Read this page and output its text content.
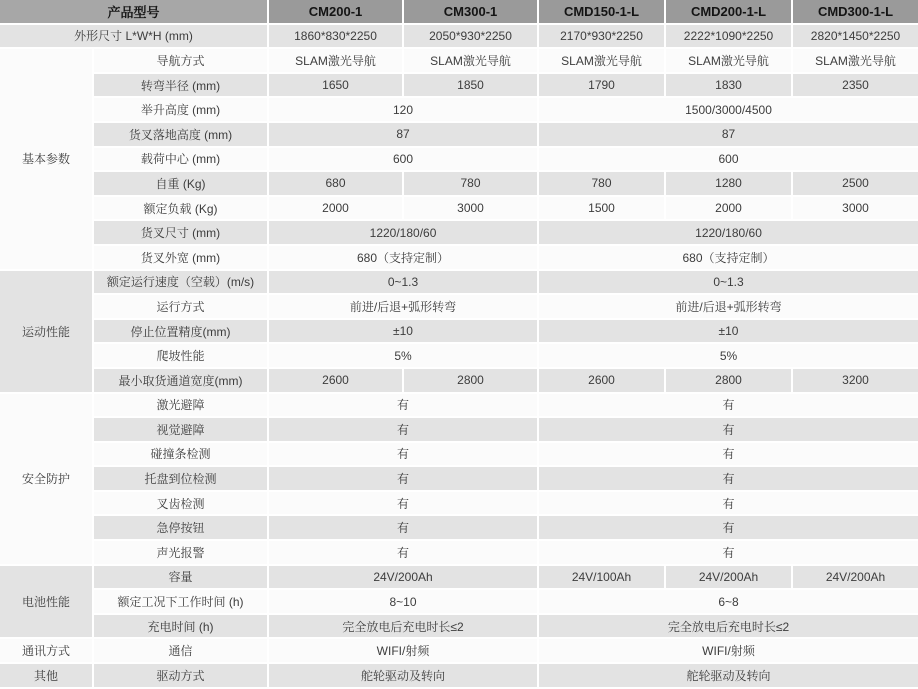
产品型号		CM200-1	CM300-1	CMD150-1-L	CMD200-1-L	CMD300-1-L
外形尺寸 L*W*H (mm)		1860*830*2250	2050*930*2250	2170*930*2250	2222*1090*2250	2820*1450*2250
基本参数	导航方式	SLAM激光导航	SLAM激光导航	SLAM激光导航	SLAM激光导航	SLAM激光导航
	转弯半径 (mm)	1650	1850	1790	1830	2350
	举升高度 (mm)	120		1500/3000/4500		
	货叉落地高度 (mm)	87		87		
	载荷中心 (mm)	600		600		
	自重 (Kg)	680	780	780	1280	2500
	额定负载 (Kg)	2000	3000	1500	2000	3000
	货叉尺寸 (mm)	1220/180/60		1220/180/60		
	货叉外宽 (mm)	680（支持定制）		680（支持定制）		
运动性能	额定运行速度（空载）(m/s)	0~1.3		0~1.3		
	运行方式	前进/后退+弧形转弯		前进/后退+弧形转弯		
	停止位置精度(mm)	±10		±10		
	爬坡性能	5%		5%		
	最小取货通道宽度(mm)	2600	2800	2600	2800	3200
安全防护	激光避障	有		有		
	视觉避障	有		有		
	碰撞条检测	有		有		
	托盘到位检测	有		有		
	叉齿检测	有		有		
	急停按钮	有		有		
	声光报警	有		有		
电池性能	容量	24V/200Ah		24V/100Ah	24V/200Ah	24V/200Ah
	额定工况下工作时间 (h)	8~10		6~8		
	充电时间 (h)	完全放电后充电时长≤2		完全放电后充电时长≤2		
通讯方式	通信	WIFI/射频		WIFI/射频		
其他	驱动方式	舵轮驱动及转向		舵轮驱动及转向		
